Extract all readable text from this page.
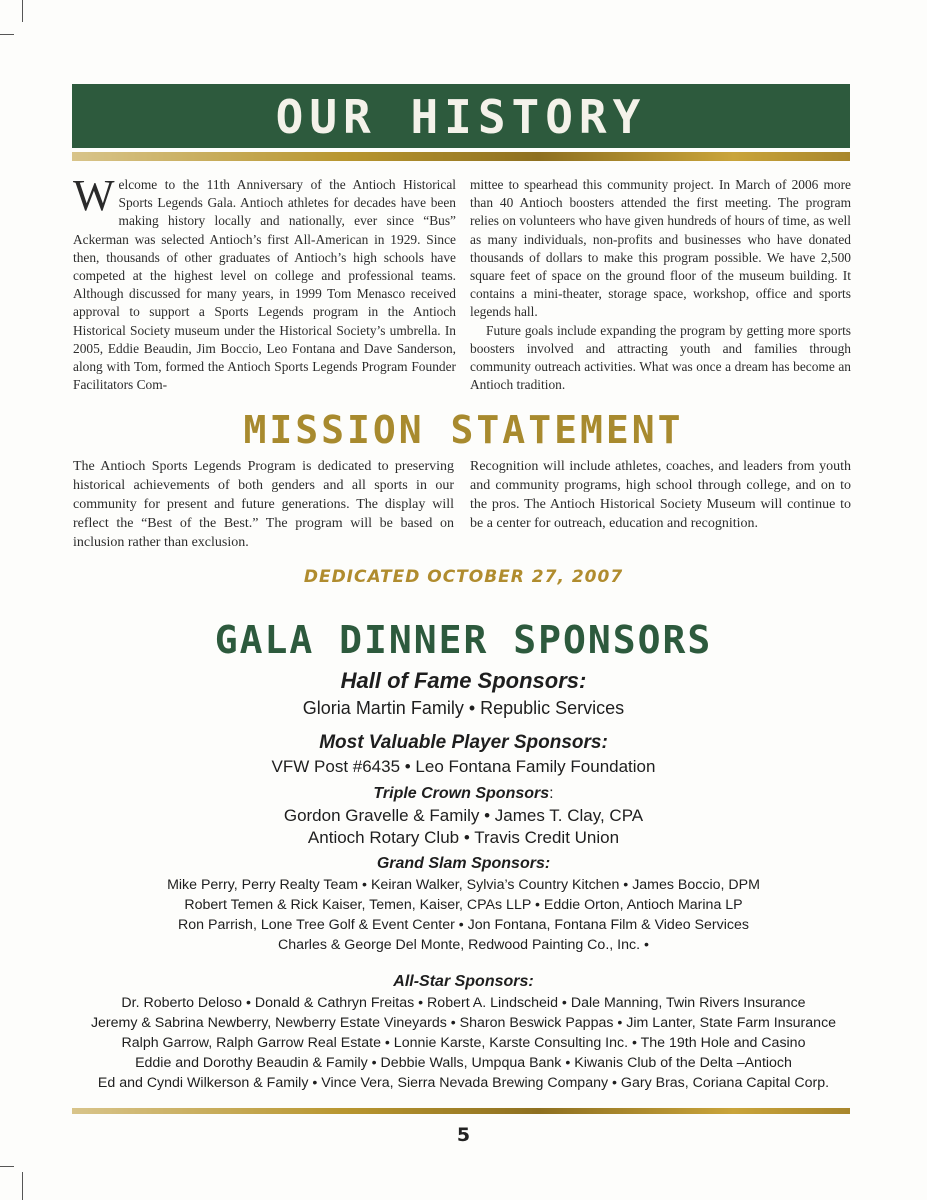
OUR HISTORY

Welcome to the 11th Anniversary of the Antioch Historical Sports Legends Gala. Antioch athletes for decades have been making history locally and nationally, ever since “Bus” Ackerman was selected Antioch’s first All-American in 1929. Since then, thousands of other graduates of Antioch’s high schools have competed at the highest level on college and professional teams. Although discussed for many years, in 1999 Tom Menasco received approval to support a Sports Legends program in the Antioch Historical Society museum under the Historical Society’s umbrella. In 2005, Eddie Beaudin, Jim Boccio, Leo Fontana and Dave Sanderson, along with Tom, formed the Antioch Sports Legends Program Founder Facilitators Com-

mittee to spearhead this community project. In March of 2006 more than 40 Antioch boosters attended the first meeting. The program relies on volunteers who have given hundreds of hours of time, as well as many individuals, non-profits and businesses who have donated thousands of dollars to make this program possible. We have 2,500 square feet of space on the ground floor of the museum building. It contains a mini-theater, storage space, workshop, office and sports legends hall.

Future goals include expanding the program by getting more sports boosters involved and attracting youth and families through community outreach activities. What was once a dream has become an Antioch tradition.

MISSION STATEMENT

The Antioch Sports Legends Program is dedicated to preserving historical achievements of both genders and all sports in our community for present and future generations. The display will reflect the “Best of the Best.” The program will be based on inclusion rather than exclusion.

Recognition will include athletes, coaches, and leaders from youth and community programs, high school through college, and on to the pros. The Antioch Historical Society Museum will continue to be a center for outreach, education and recognition.

DEDICATED OCTOBER 27, 2007
GALA DINNER SPONSORS
Hall of Fame Sponsors:
Gloria Martin Family • Republic Services
Most Valuable Player Sponsors:
VFW Post #6435 • Leo Fontana Family Foundation
Triple Crown Sponsors:
Gordon Gravelle & Family • James T. Clay, CPA
Antioch Rotary Club • Travis Credit Union
Grand Slam Sponsors:
Mike Perry, Perry Realty Team • Keiran Walker, Sylvia’s Country Kitchen • James Boccio, DPM
Robert Temen & Rick Kaiser, Temen, Kaiser, CPAs LLP • Eddie Orton, Antioch Marina LP
Ron Parrish, Lone Tree Golf & Event Center • Jon Fontana, Fontana Film & Video Services
Charles & George Del Monte, Redwood Painting Co., Inc. •
All-Star Sponsors:
Dr. Roberto Deloso • Donald & Cathryn Freitas • Robert A. Lindscheid • Dale Manning, Twin Rivers Insurance
Jeremy & Sabrina Newberry, Newberry Estate Vineyards • Sharon Beswick Pappas • Jim Lanter, State Farm Insurance
Ralph Garrow, Ralph Garrow Real Estate • Lonnie Karste, Karste Consulting Inc. • The 19th Hole and Casino
Eddie and Dorothy Beaudin & Family • Debbie Walls, Umpqua Bank • Kiwanis Club of the Delta –Antioch
Ed and Cyndi Wilkerson & Family • Vince Vera, Sierra Nevada Brewing Company • Gary Bras, Coriana Capital Corp.
5
